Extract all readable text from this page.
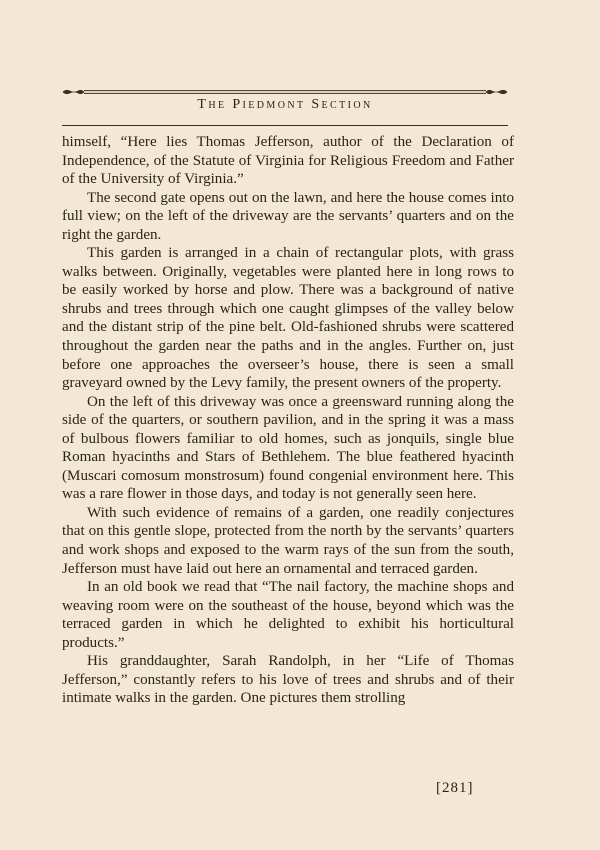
The Piedmont Section

himself, “Here lies Thomas Jefferson, author of the Declaration of Independence, of the Statute of Virginia for Religious Freedom and Father of the University of Virginia.”

The second gate opens out on the lawn, and here the house comes into full view; on the left of the driveway are the servants’ quarters and on the right the garden.

This garden is arranged in a chain of rectangular plots, with grass walks between. Originally, vegetables were planted here in long rows to be easily worked by horse and plow. There was a background of native shrubs and trees through which one caught glimpses of the valley below and the distant strip of the pine belt. Old-fashioned shrubs were scattered throughout the garden near the paths and in the angles. Further on, just before one approaches the overseer’s house, there is seen a small graveyard owned by the Levy family, the present owners of the property.

On the left of this driveway was once a greensward running along the side of the quarters, or southern pavilion, and in the spring it was a mass of bulbous flowers familiar to old homes, such as jonquils, single blue Roman hyacinths and Stars of Bethlehem. The blue feathered hyacinth (Muscari comosum monstrosum) found congenial environment here. This was a rare flower in those days, and today is not generally seen here.

With such evidence of remains of a garden, one readily conjectures that on this gentle slope, protected from the north by the servants’ quarters and work shops and exposed to the warm rays of the sun from the south, Jefferson must have laid out here an ornamental and terraced garden.

In an old book we read that “The nail factory, the machine shops and weaving room were on the southeast of the house, beyond which was the terraced garden in which he delighted to exhibit his horticultural products.”

His granddaughter, Sarah Randolph, in her “Life of Thomas Jefferson,” constantly refers to his love of trees and shrubs and of their intimate walks in the garden. One pictures them strolling

[281]
